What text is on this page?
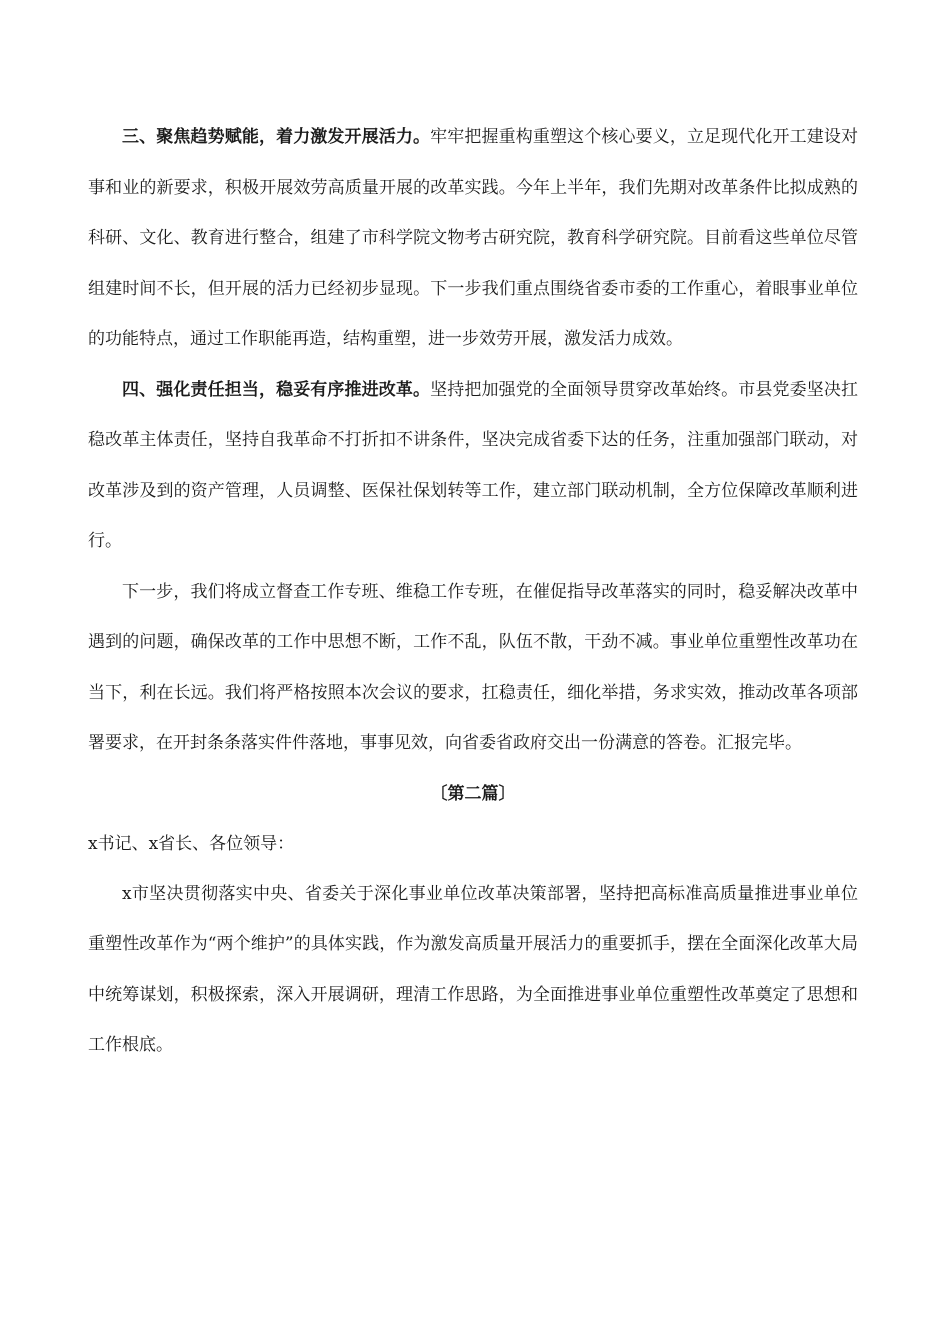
三、聚焦趋势赋能，着力激发开展活力。牢牢把握重构重塑这个核心要义，立足现代化开工建设对事和业的新要求，积极开展效劳高质量开展的改革实践。今年上半年，我们先期对改革条件比拟成熟的科研、文化、教育进行整合，组建了市科学院文物考古研究院，教育科学研究院。目前看这些单位尽管组建时间不长，但开展的活力已经初步显现。下一步我们重点围绕省委市委的工作重心，着眼事业单位的功能特点，通过工作职能再造，结构重塑，进一步效劳开展，激发活力成效。

四、强化责任担当，稳妥有序推进改革。坚持把加强党的全面领导贯穿改革始终。市县党委坚决扛稳改革主体责任，坚持自我革命不打折扣不讲条件，坚决完成省委下达的任务，注重加强部门联动，对改革涉及到的资产管理，人员调整、医保社保划转等工作，建立部门联动机制，全方位保障改革顺利进行。

下一步，我们将成立督查工作专班、维稳工作专班，在催促指导改革落实的同时，稳妥解决改革中遇到的问题，确保改革的工作中思想不断，工作不乱，队伍不散，干劲不减。事业单位重塑性改革功在当下，利在长远。我们将严格按照本次会议的要求，扛稳责任，细化举措，务求实效，推动改革各项部署要求，在开封条条落实件件落地，事事见效，向省委省政府交出一份满意的答卷。汇报完毕。

〔第二篇〕

x书记、x省长、各位领导：

x市坚决贯彻落实中央、省委关于深化事业单位改革决策部署，坚持把高标准高质量推进事业单位重塑性改革作为“两个维护”的具体实践，作为激发高质量开展活力的重要抓手，摆在全面深化改革大局中统筹谋划，积极探索，深入开展调研，理清工作思路，为全面推进事业单位重塑性改革奠定了思想和工作根底。
